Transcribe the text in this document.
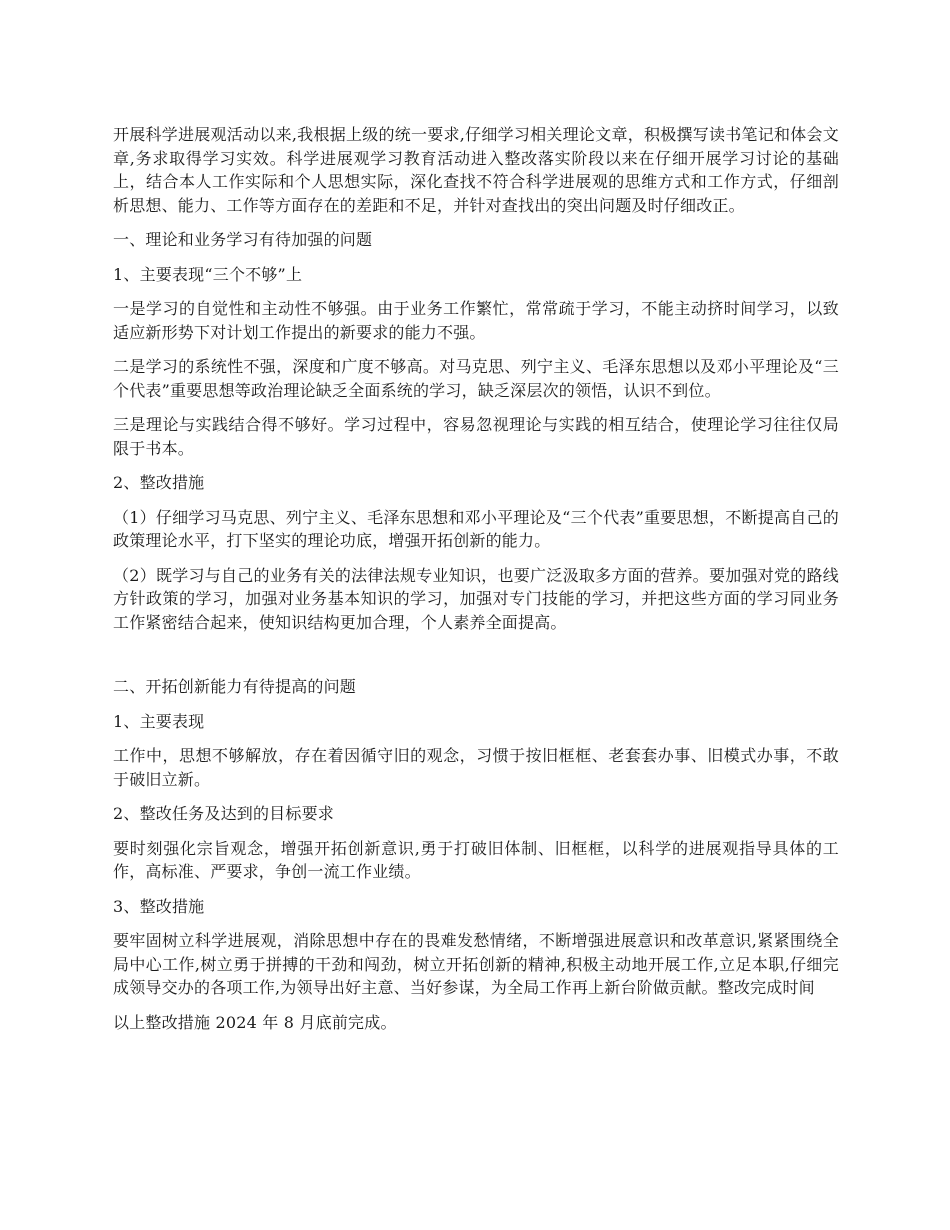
开展科学进展观活动以来,我根据上级的统一要求,仔细学习相关理论文章，积极撰写读书笔记和体会文章,务求取得学习实效。科学进展观学习教育活动进入整改落实阶段以来在仔细开展学习讨论的基础上，结合本人工作实际和个人思想实际，深化查找不符合科学进展观的思维方式和工作方式，仔细剖析思想、能力、工作等方面存在的差距和不足，并针对查找出的突出问题及时仔细改正。

一、理论和业务学习有待加强的问题

1、主要表现“三个不够”上

一是学习的自觉性和主动性不够强。由于业务工作繁忙，常常疏于学习，不能主动挤时间学习，以致适应新形势下对计划工作提出的新要求的能力不强。

二是学习的系统性不强，深度和广度不够高。对马克思、列宁主义、毛泽东思想以及邓小平理论及“三个代表”重要思想等政治理论缺乏全面系统的学习，缺乏深层次的领悟，认识不到位。

三是理论与实践结合得不够好。学习过程中，容易忽视理论与实践的相互结合，使理论学习往往仅局限于书本。

2、整改措施

（1）仔细学习马克思、列宁主义、毛泽东思想和邓小平理论及“三个代表”重要思想，不断提高自己的政策理论水平，打下坚实的理论功底，增强开拓创新的能力。

（2）既学习与自己的业务有关的法律法规专业知识，也要广泛汲取多方面的营养。要加强对党的路线方针政策的学习，加强对业务基本知识的学习，加强对专门技能的学习，并把这些方面的学习同业务工作紧密结合起来，使知识结构更加合理，个人素养全面提高。

二、开拓创新能力有待提高的问题

1、主要表现

工作中，思想不够解放，存在着因循守旧的观念，习惯于按旧框框、老套套办事、旧模式办事，不敢于破旧立新。

2、整改任务及达到的目标要求

要时刻强化宗旨观念，增强开拓创新意识,勇于打破旧体制、旧框框，以科学的进展观指导具体的工作，高标准、严要求，争创一流工作业绩。

3、整改措施

要牢固树立科学进展观，消除思想中存在的畏难发愁情绪，不断增强进展意识和改革意识,紧紧围绕全局中心工作,树立勇于拼搏的干劲和闯劲，树立开拓创新的精神,积极主动地开展工作,立足本职,仔细完成领导交办的各项工作,为领导出好主意、当好参谋，为全局工作再上新台阶做贡献。整改完成时间

以上整改措施 2024 年 8 月底前完成。
